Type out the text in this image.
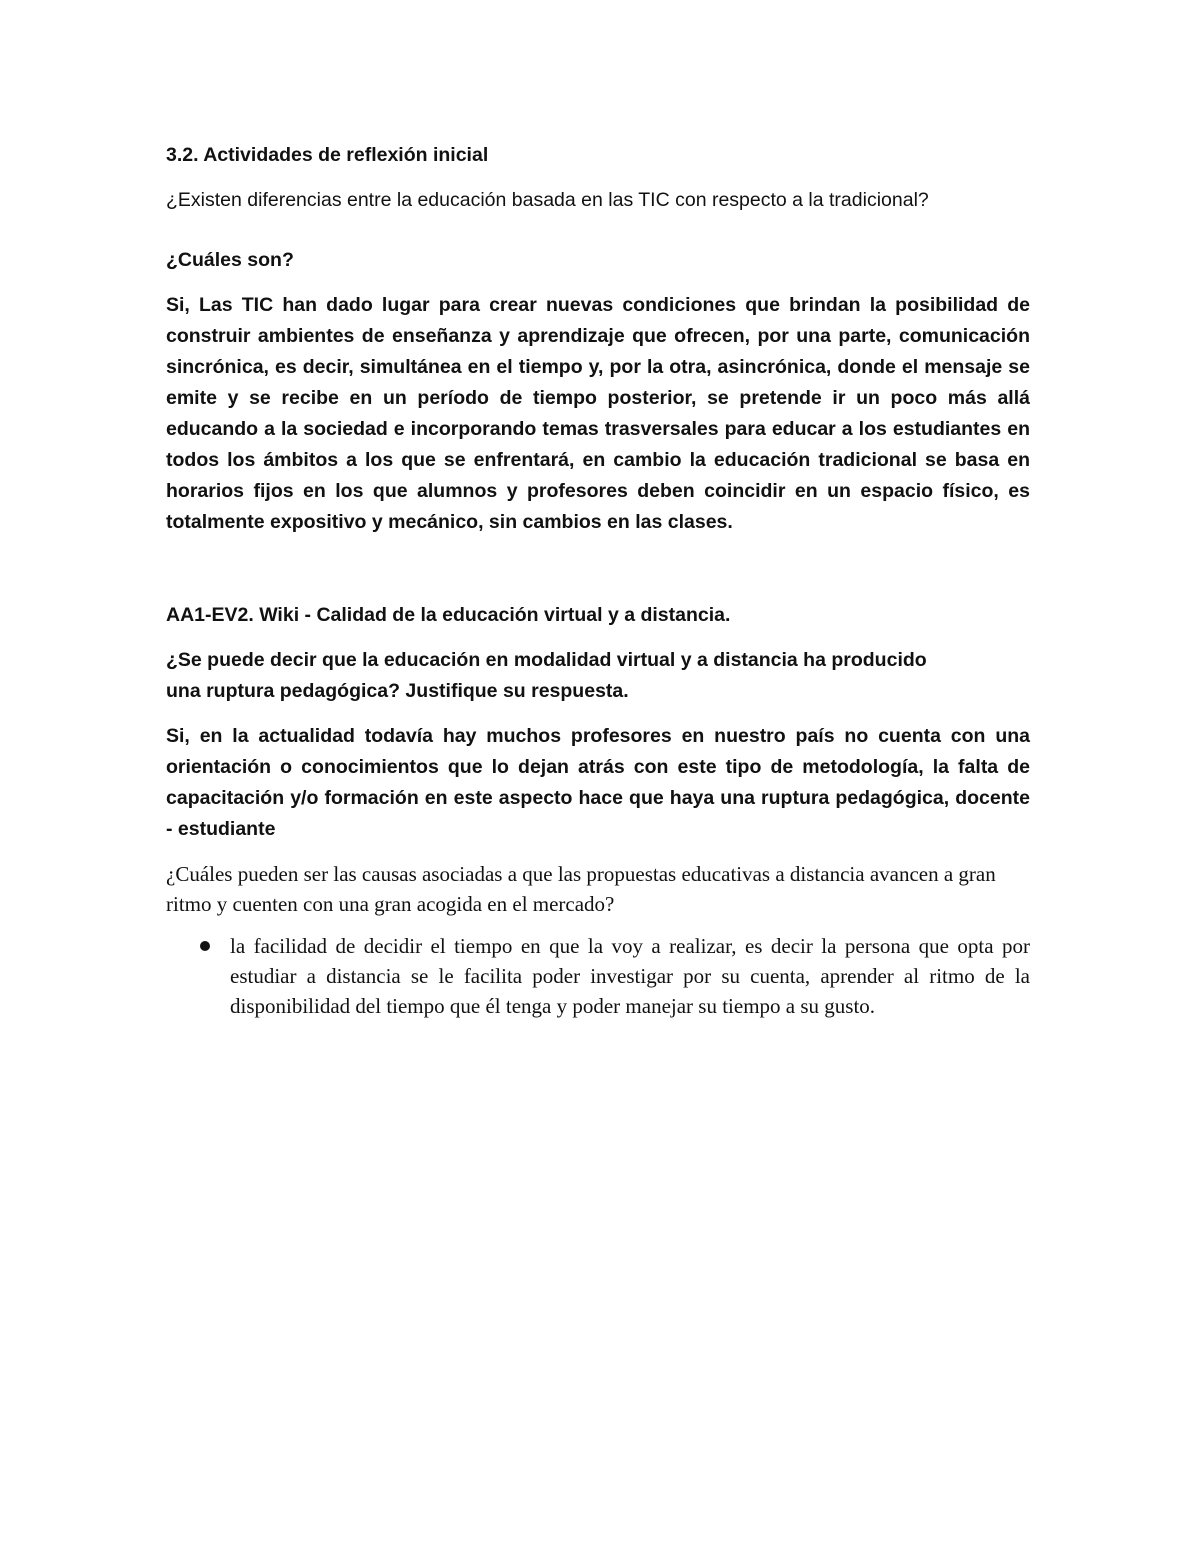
3.2. Actividades de reflexión inicial

¿Existen diferencias entre la educación basada en las TIC con respecto a la tradicional?

¿Cuáles son?

Si, Las TIC han dado lugar para crear nuevas condiciones que brindan la posibilidad de construir ambientes de enseñanza y aprendizaje que ofrecen, por una parte, comunicación sincrónica, es decir, simultánea en el tiempo y, por la otra, asincrónica, donde el mensaje se emite y se recibe en un período de tiempo posterior, se pretende ir un poco más allá educando a la sociedad e incorporando temas trasversales para educar a los estudiantes en todos los ámbitos a los que se enfrentará, en cambio la educación tradicional se basa en horarios fijos en los que alumnos y profesores deben coincidir en un espacio físico, es totalmente expositivo y mecánico, sin cambios en las clases.

AA1-EV2. Wiki - Calidad de la educación virtual y a distancia.

¿Se puede decir que la educación en modalidad virtual y a distancia ha producido
una ruptura pedagógica? Justifique su respuesta.

Si, en la actualidad todavía hay muchos profesores en nuestro país no cuenta con una orientación o conocimientos que lo dejan atrás con este tipo de metodología, la falta de capacitación y/o formación en este aspecto hace que haya una ruptura pedagógica, docente - estudiante

¿Cuáles pueden ser las causas asociadas a que las propuestas educativas a distancia avancen a gran ritmo y cuenten con una gran acogida en el mercado?

la facilidad de decidir el tiempo en que la voy a realizar, es decir la persona que opta por estudiar a distancia se le facilita poder investigar por su cuenta, aprender al ritmo de la disponibilidad del tiempo que él tenga y poder manejar su tiempo a su gusto.
